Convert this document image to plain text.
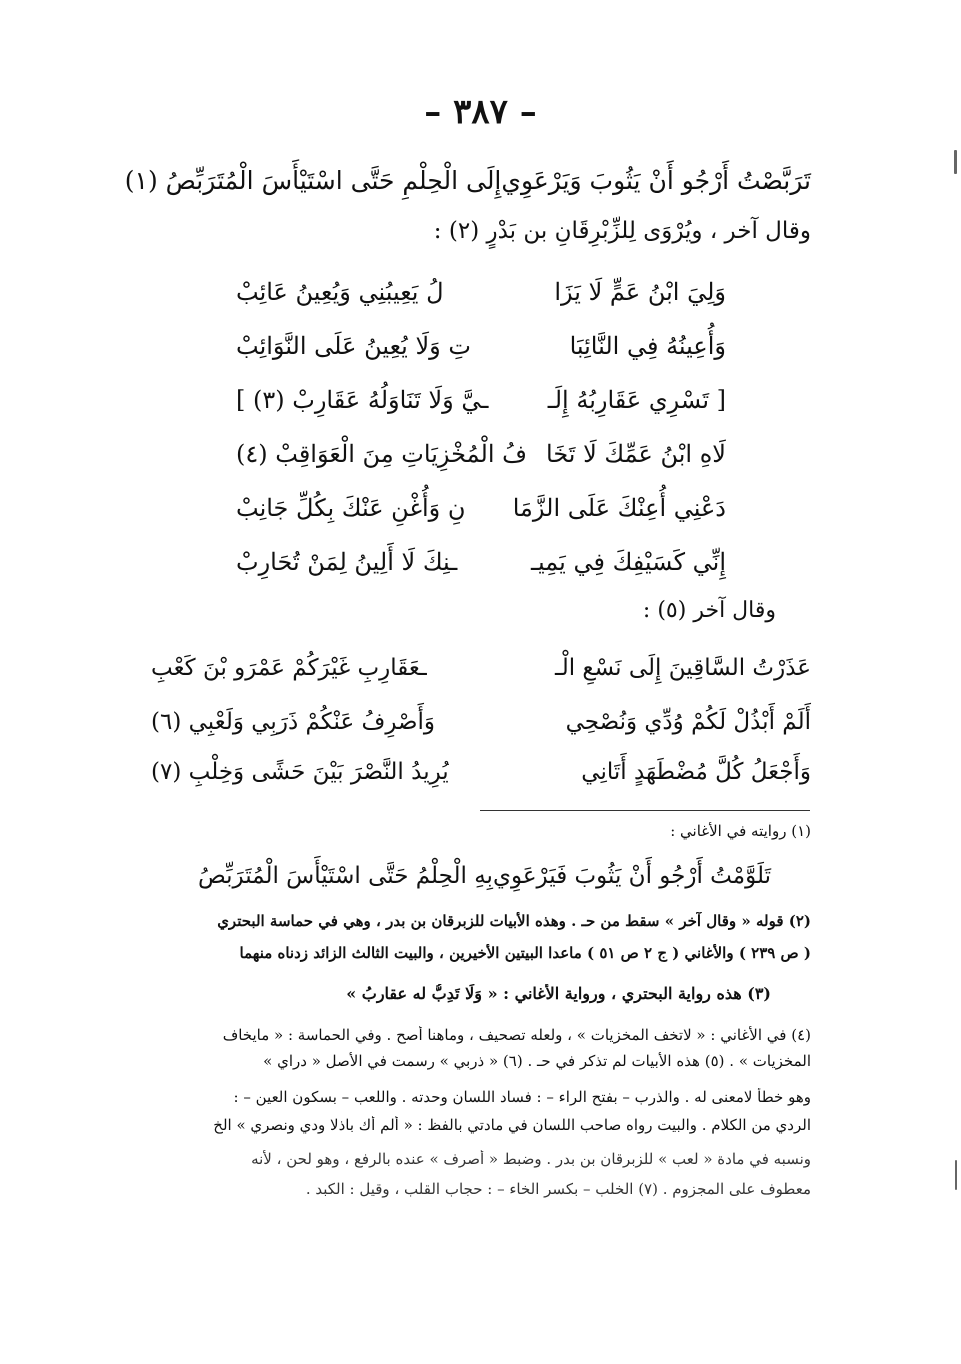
– ٣٨٧ –
تَرَبَّصْتُ أَرْجُو أَنْ يَثُوبَ وَيَرْعَوِي
إِلَى الْحِلْمِ حَتَّى اسْتَيْأَسَ الْمُتَرَبِّصُ (١)
وقال آخر ، ويُرْوَى لِلزِّبْرِقَانِ بن بَدْرٍ (٢) :
وَلِيَ ابْنُ عَمٍّ لَا يَزَا
لُ يَعِيبُنِي وَيُعِينُ عَائِبْ
وَأُعِينُهُ فِي النَّائِبَا
تِ وَلَا يُعِينُ عَلَى النَّوَائِبْ
[ تَسْرِي عَقَارِبُهُ إِلَـ
ـيَّ وَلَا تَنَاوَلُهُ عَقَارِبْ (٣) ]
لَاهِ ابْنُ عَمِّكَ لَا تَخَا
فُ الْمُخْزِيَاتِ مِنَ الْعَوَاقِبْ (٤)
دَعْنِي أُعِنْكَ عَلَى الزَّمَا
نِ وَأُغْنِ عَنْكَ بِكُلِّ جَانِبْ
إِنِّي كَسَيْفِكَ فِي يَمِيـ
ـنِكَ لَا أَلِينُ لِمَنْ تُحَارِبْ
وقال آخر (٥) :
عَذَرْتُ السَّاقِينَ إِلَى نَسْعِ الْـ
ـعَقَارِبِ غَيْرَكُمْ عَمْرَو بْنَ كَعْبِ
أَلَمْ أَبْذُلْ لَكُمْ وُدِّي وَنُصْحِي
وَأَصْرِفُ عَنْكُمْ ذَرَبِي وَلَعْبِي (٦)
وَأَجْعَلُ كُلَّ مُضْطَهَدٍ أَتَانِي
يُرِيدُ النَّصْرَ بَيْنَ حَشًى وَخِلْبِ (٧)
(١) روايته في الأغاني :
تَلَوَّمْتُ أَرْجُو أَنْ يَثُوبَ فَيَرْعَوِي
بِهِ الْحِلْمُ حَتَّى اسْتَيْأَسَ الْمُتَرَبِّصُ
(٢) قوله « وقال آخر » سقط من حـ . وهذه الأبيات للزبرقان بن بدر ، وهي في حماسة البحتري
( ص ٢٣٩ ) والأغاني ( ج ٢ ص ٥١ ) ماعدا البيتين الأخيرين ، والبيت الثالث الزائد زدناه منهما
(٣) هذه رواية البحتري ، ورواية الأغاني : « وَلَا تَدِبُّ له عقاربُ »
(٤) في الأغاني : « لاتخف المخزيات » ، ولعله تصحيف ، وماهنا أصح . وفي الحماسة : « مايخاف
المخزيات » . (٥) هذه الأبيات لم تذكر في حـ . (٦) « ذربي » رسمت في الأصل « دراي »
وهو خطأ لامعنى له . والذرب – بفتح الراء – : فساد اللسان وحدته . واللعب – بسكون العين – :
الردي من الكلام . والبيت رواه صاحب اللسان في مادتي بالفظ : « ألم أك باذلا ودي ونصري » الخ
ونسبه في مادة « لعب » للزبرقان بن بدر . وضبط « أصرف » عنده بالرفع ، وهو لحن ، لأنه
معطوف على المجزوم . (٧) الخلب – بكسر الخاء – : حجاب القلب ، وقيل : الكبد .
